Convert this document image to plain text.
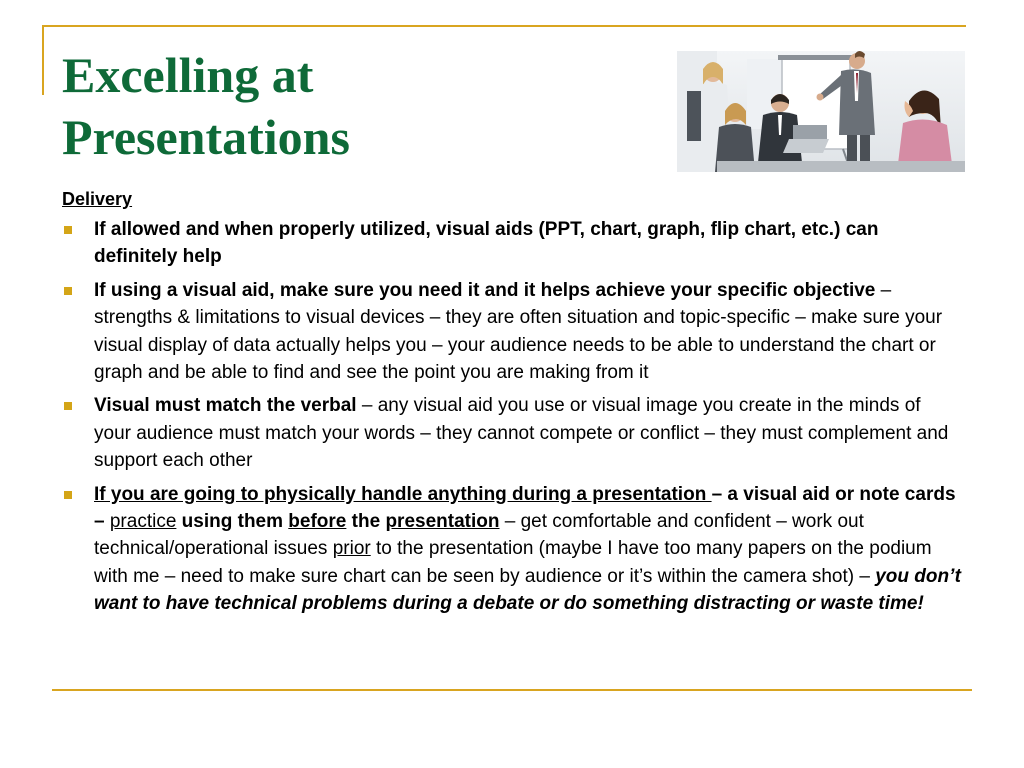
Excelling at
Presentations
Delivery
If allowed and when properly utilized, visual aids (PPT, chart, graph, flip chart, etc.) can definitely help
If using a visual aid, make sure you need it and it helps achieve your specific objective – strengths & limitations to visual devices – they are often situation and topic-specific – make sure your visual display of data actually helps you – your audience needs to be able to understand the chart or graph and be able to find and see the point you are making from it
Visual must match the verbal – any visual aid you use or visual image you create in the minds of your audience must match your words – they cannot compete or conflict – they must complement and support each other
If you are going to physically handle anything during a presentation – a visual aid or note cards – practice using them before the presentation – get comfortable and confident – work out technical/operational issues prior to the presentation (maybe I have too many papers on the podium with me – need to make sure chart can be seen by audience or it’s within the camera shot) – you don’t want to have technical problems during a debate or do something distracting or waste time!
